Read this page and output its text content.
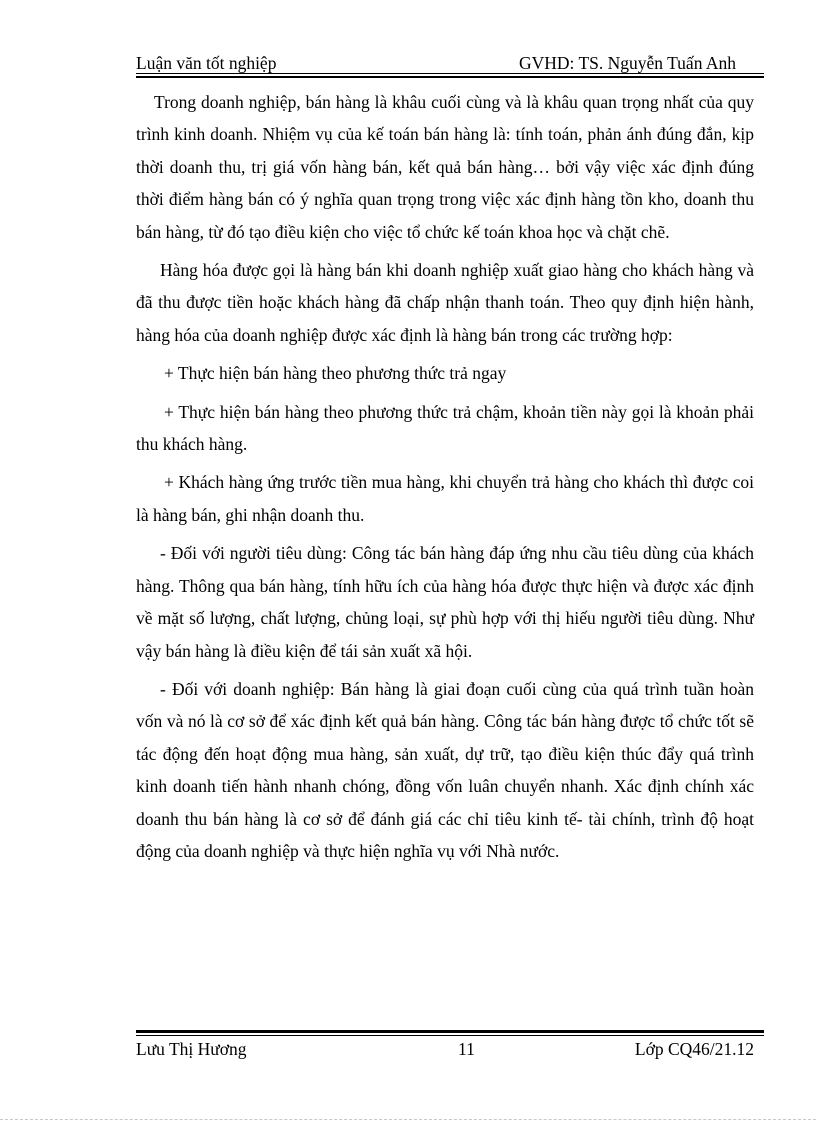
Luận văn tốt nghiệp	GVHD: TS. Nguyễn Tuấn Anh

Trong doanh nghiệp, bán hàng là khâu cuối cùng và là khâu quan trọng nhất của quy trình kinh doanh. Nhiệm vụ của kế toán bán hàng là: tính toán, phản ánh đúng đắn, kịp thời doanh thu, trị giá vốn hàng bán, kết quả bán hàng… bởi vậy việc xác định đúng thời điểm hàng bán có ý nghĩa quan trọng trong việc xác định hàng tồn kho, doanh thu bán hàng, từ đó tạo điều kiện cho việc tổ chức kế toán khoa học và chặt chẽ.

Hàng hóa được gọi là hàng bán khi doanh nghiệp xuất giao hàng cho khách hàng và đã thu được tiền hoặc khách hàng đã chấp nhận thanh toán. Theo quy định hiện hành, hàng hóa của doanh nghiệp được xác định là hàng bán trong các trường hợp:

+ Thực hiện bán hàng theo phương thức trả ngay

+ Thực hiện bán hàng theo phương thức trả chậm, khoản tiền này gọi là khoản phải thu khách hàng.

+ Khách hàng ứng trước tiền mua hàng, khi chuyển trả hàng cho khách thì được coi là hàng bán, ghi nhận doanh thu.

- Đối với người tiêu dùng: Công tác bán hàng đáp ứng nhu cầu tiêu dùng của khách hàng. Thông qua bán hàng, tính hữu ích của hàng hóa được thực hiện và được xác định về mặt số lượng, chất lượng, chủng loại, sự phù hợp với thị hiếu người tiêu dùng. Như vậy bán hàng là điều kiện để tái sản xuất xã hội.

- Đối với doanh nghiệp: Bán hàng là giai đoạn cuối cùng của quá trình tuần hoàn vốn và nó là cơ sở để xác định kết quả bán hàng. Công tác bán hàng được tổ chức tốt sẽ tác động đến hoạt động mua hàng, sản xuất, dự trữ, tạo điều kiện thúc đẩy quá trình kinh doanh tiến hành nhanh chóng, đồng vốn luân chuyển nhanh. Xác định chính xác doanh thu bán hàng là cơ sở để đánh giá các chỉ tiêu kinh tế- tài chính, trình độ hoạt động của doanh nghiệp và thực hiện nghĩa vụ với Nhà nước.

Lưu Thị Hương	11	Lớp CQ46/21.12
